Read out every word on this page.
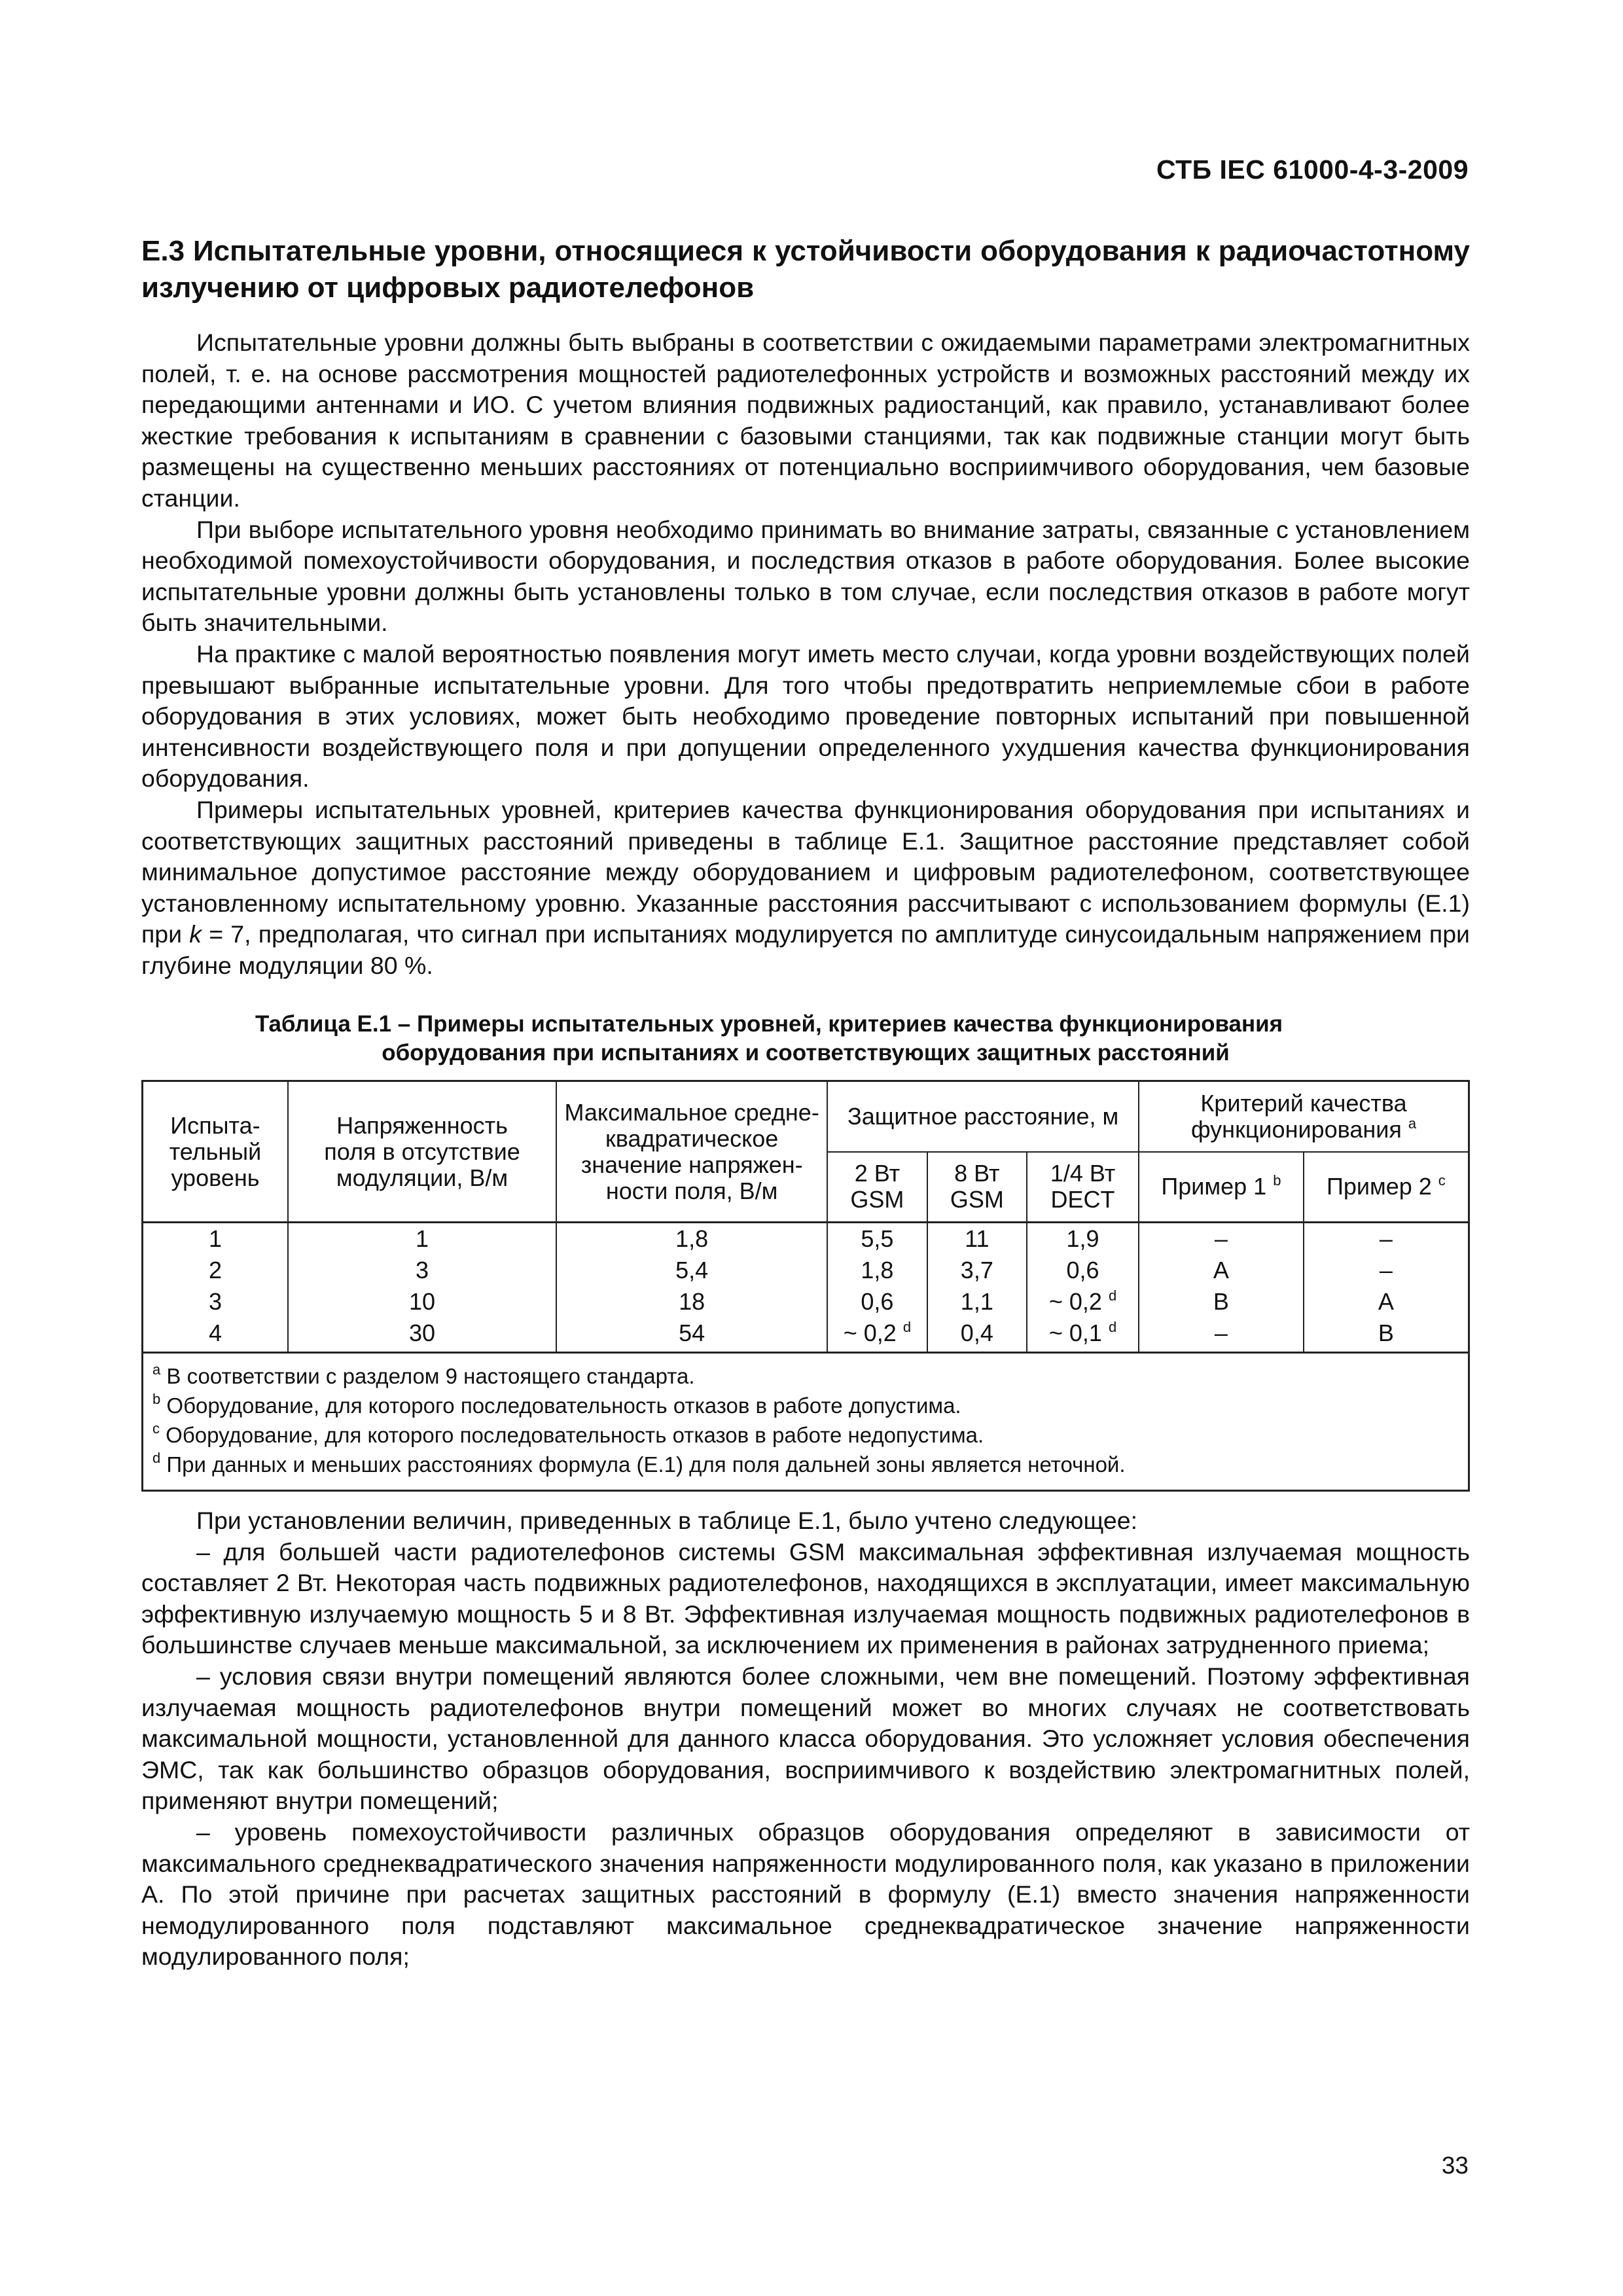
СТБ IEC 61000-4-3-2009
E.3 Испытательные уровни, относящиеся к устойчивости оборудования к радиочастотному излучению от цифровых радиотелефонов

Испытательные уровни должны быть выбраны в соответствии с ожидаемыми параметрами электромагнитных полей, т. е. на основе рассмотрения мощностей радиотелефонных устройств и возможных расстояний между их передающими антеннами и ИО. С учетом влияния подвижных радиостанций, как правило, устанавливают более жесткие требования к испытаниям в сравнении с базовыми станциями, так как подвижные станции могут быть размещены на существенно меньших расстояниях от потенциально восприимчивого оборудования, чем базовые станции.

При выборе испытательного уровня необходимо принимать во внимание затраты, связанные с установлением необходимой помехоустойчивости оборудования, и последствия отказов в работе оборудования. Более высокие испытательные уровни должны быть установлены только в том случае, если последствия отказов в работе могут быть значительными.

На практике с малой вероятностью появления могут иметь место случаи, когда уровни воздействующих полей превышают выбранные испытательные уровни. Для того чтобы предотвратить неприемлемые сбои в работе оборудования в этих условиях, может быть необходимо проведение повторных испытаний при повышенной интенсивности воздействующего поля и при допущении определенного ухудшения качества функционирования оборудования.

Примеры испытательных уровней, критериев качества функционирования оборудования при испытаниях и соответствующих защитных расстояний приведены в таблице Е.1. Защитное расстояние представляет собой минимальное допустимое расстояние между оборудованием и цифровым радиотелефоном, соответствующее установленному испытательному уровню. Указанные расстояния рассчитывают с использованием формулы (Е.1) при k = 7, предполагая, что сигнал при испытаниях модулируется по амплитуде синусоидальным напряжением при глубине модуляции 80 %.

Таблица Е.1 – Примеры испытательных уровней, критериев качества функционирования
оборудования при испытаниях и соответствующих защитных расстояний
Испыта-
тельный
уровень	Напряженность
поля в отсутствие
модуляции, В/м	Максимальное средне-
квадратическое
значение напряжен-
ности поля, В/м	Защитное расстояние, м			Критерий качества
функционирования $^a$
			2 Вт
GSM	8 Вт
GSM	1/4 Вт
DECT	Пример 1 $^b$	Пример 2 $^c$
1	1	1,8	5,5	11	1,9	–	–
2	3	5,4	1,8	3,7	0,6	A	–
3	10	18	0,6	1,1	~ 0,2 $^d$	B	A
4	30	54	~ 0,2 $^d$	0,4	~ 0,1 $^d$	–	B

$^a$ В соответствии с разделом 9 настоящего стандарта.
$^b$ Оборудование, для которого последовательность отказов в работе допустима.
$^c$ Оборудование, для которого последовательность отказов в работе недопустима.
$^d$ При данных и меньших расстояниях формула (Е.1) для поля дальней зоны является неточной.							

При установлении величин, приведенных в таблице Е.1, было учтено следующее:

– для большей части радиотелефонов системы GSM максимальная эффективная излучаемая мощность составляет 2 Вт. Некоторая часть подвижных радиотелефонов, находящихся в эксплуатации, имеет максимальную эффективную излучаемую мощность 5 и 8 Вт. Эффективная излучаемая мощность подвижных радиотелефонов в большинстве случаев меньше максимальной, за исключением их применения в районах затрудненного приема;

– условия связи внутри помещений являются более сложными, чем вне помещений. Поэтому эффективная излучаемая мощность радиотелефонов внутри помещений может во многих случаях не соответствовать максимальной мощности, установленной для данного класса оборудования. Это усложняет условия обеспечения ЭМС, так как большинство образцов оборудования, восприимчивого к воздействию электромагнитных полей, применяют внутри помещений;

– уровень помехоустойчивости различных образцов оборудования определяют в зависимости от максимального среднеквадратического значения напряженности модулированного поля, как указано в приложении А. По этой причине при расчетах защитных расстояний в формулу (Е.1) вместо значения напряженности немодулированного поля подставляют максимальное среднеквадратическое значение напряженности модулированного поля;

33
